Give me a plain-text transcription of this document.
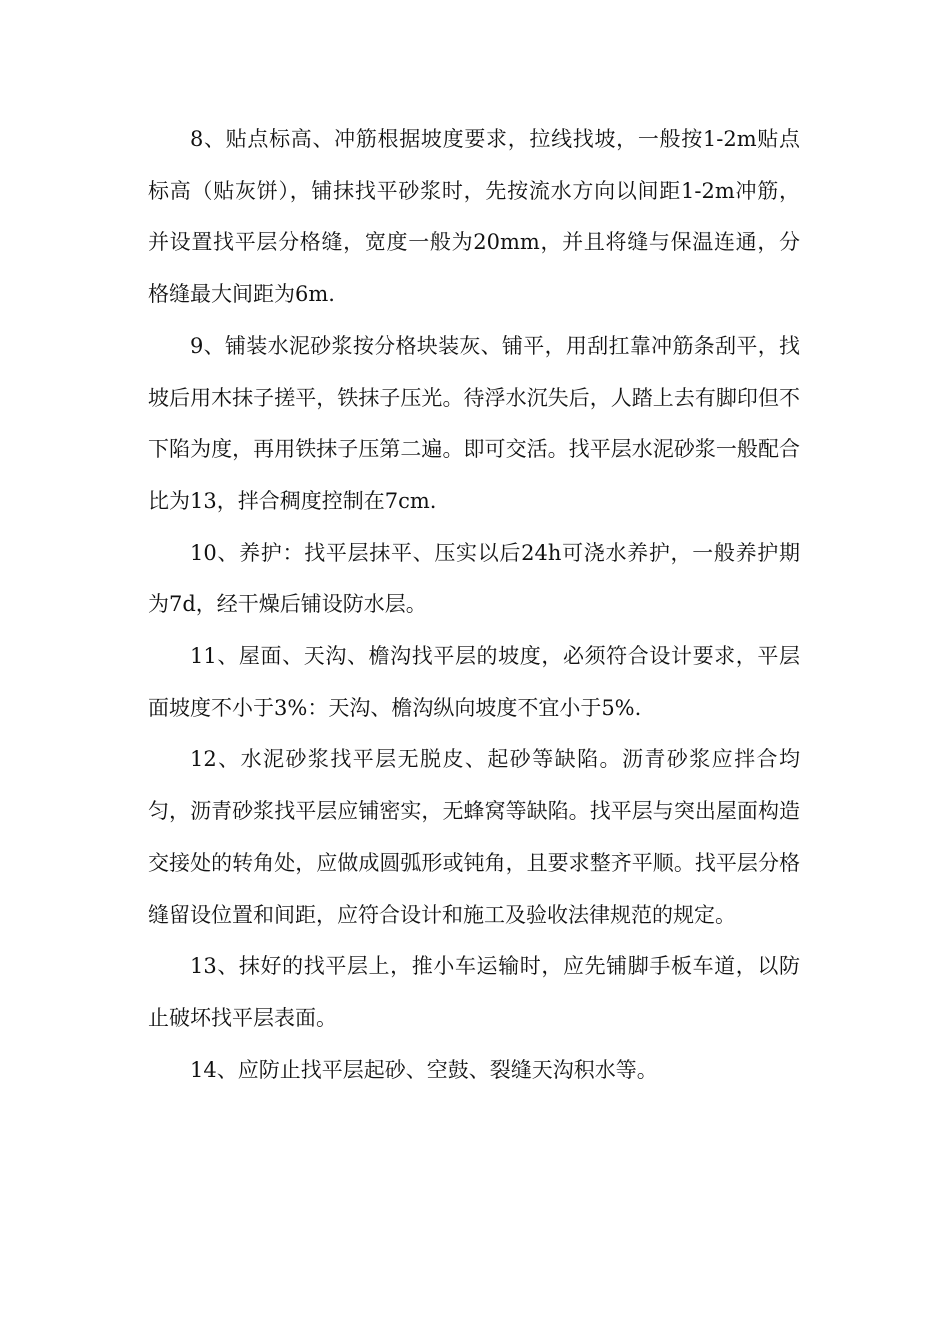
8、贴点标高、冲筋根据坡度要求，拉线找坡，一般按1-2m贴点标高（贴灰饼），铺抹找平砂浆时，先按流水方向以间距1-2m冲筋，并设置找平层分格缝，宽度一般为20mm，并且将缝与保温连通，分格缝最大间距为6m.

9、铺装水泥砂浆按分格块装灰、铺平，用刮扛靠冲筋条刮平，找坡后用木抹子搓平，铁抹子压光。待浮水沉失后，人踏上去有脚印但不下陷为度，再用铁抹子压第二遍。即可交活。找平层水泥砂浆一般配合比为13，拌合稠度控制在7cm.

10、养护：找平层抹平、压实以后24h可浇水养护，一般养护期为7d，经干燥后铺设防水层。

11、屋面、天沟、檐沟找平层的坡度，必须符合设计要求，平层面坡度不小于3%：天沟、檐沟纵向坡度不宜小于5%.

12、水泥砂浆找平层无脱皮、起砂等缺陷。沥青砂浆应拌合均匀，沥青砂浆找平层应铺密实，无蜂窝等缺陷。找平层与突出屋面构造交接处的转角处，应做成圆弧形或钝角，且要求整齐平顺。找平层分格缝留设位置和间距，应符合设计和施工及验收法律规范的规定。

13、抹好的找平层上，推小车运输时，应先铺脚手板车道，以防止破坏找平层表面。

14、应防止找平层起砂、空鼓、裂缝天沟积水等。
